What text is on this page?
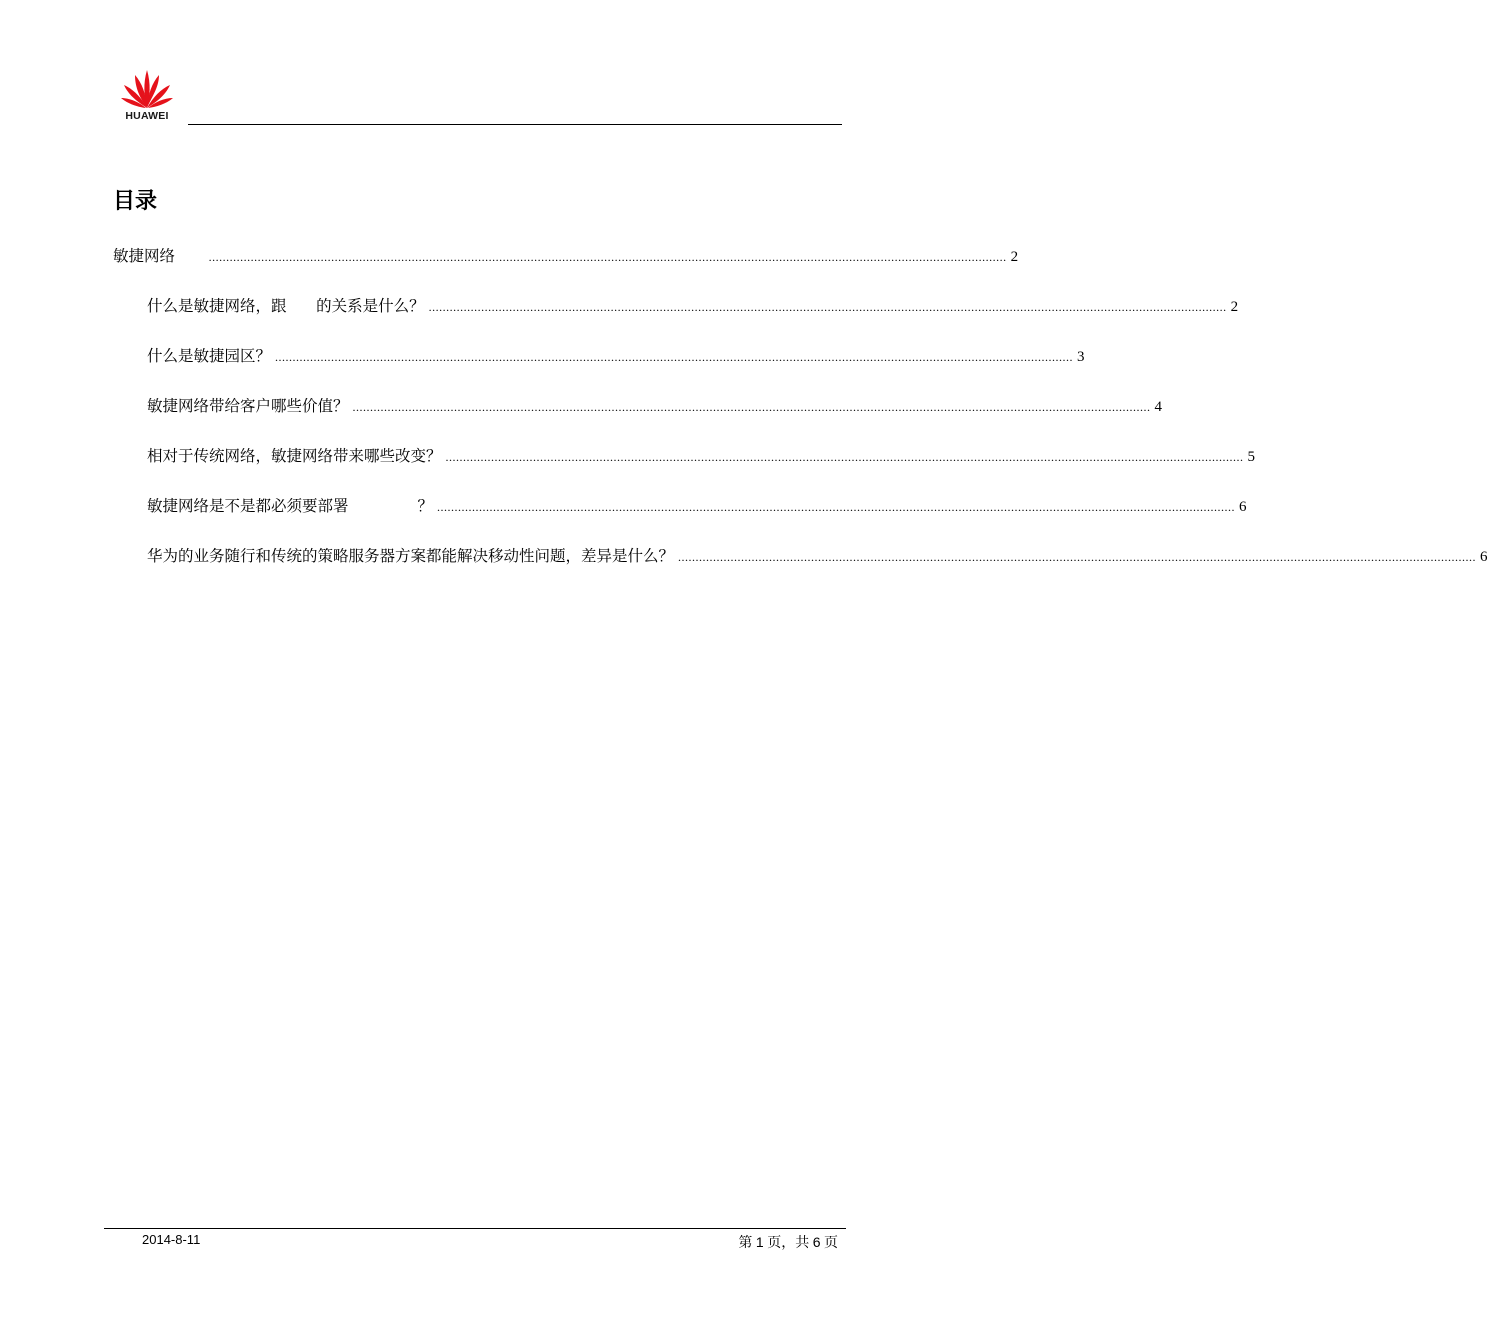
HUAWEI
目录
敏捷网络 .................................................................................................................................................................................................................................... 2
什么是敏捷网络，跟      的关系是什么？ .................................................................................................................................................................................................................................... 2
什么是敏捷园区？ .................................................................................................................................................................................................................................... 3
敏捷网络带给客户哪些价值？ .................................................................................................................................................................................................................................... 4
相对于传统网络，敏捷网络带来哪些改变？ .................................................................................................................................................................................................................................... 5
敏捷网络是不是都必须要部署              ？ .................................................................................................................................................................................................................................... 6
华为的业务随行和传统的策略服务器方案都能解决移动性问题，差异是什么？ .................................................................................................................................................................................................................................... 6
2014-8-11	第 1 页，共 6 页
